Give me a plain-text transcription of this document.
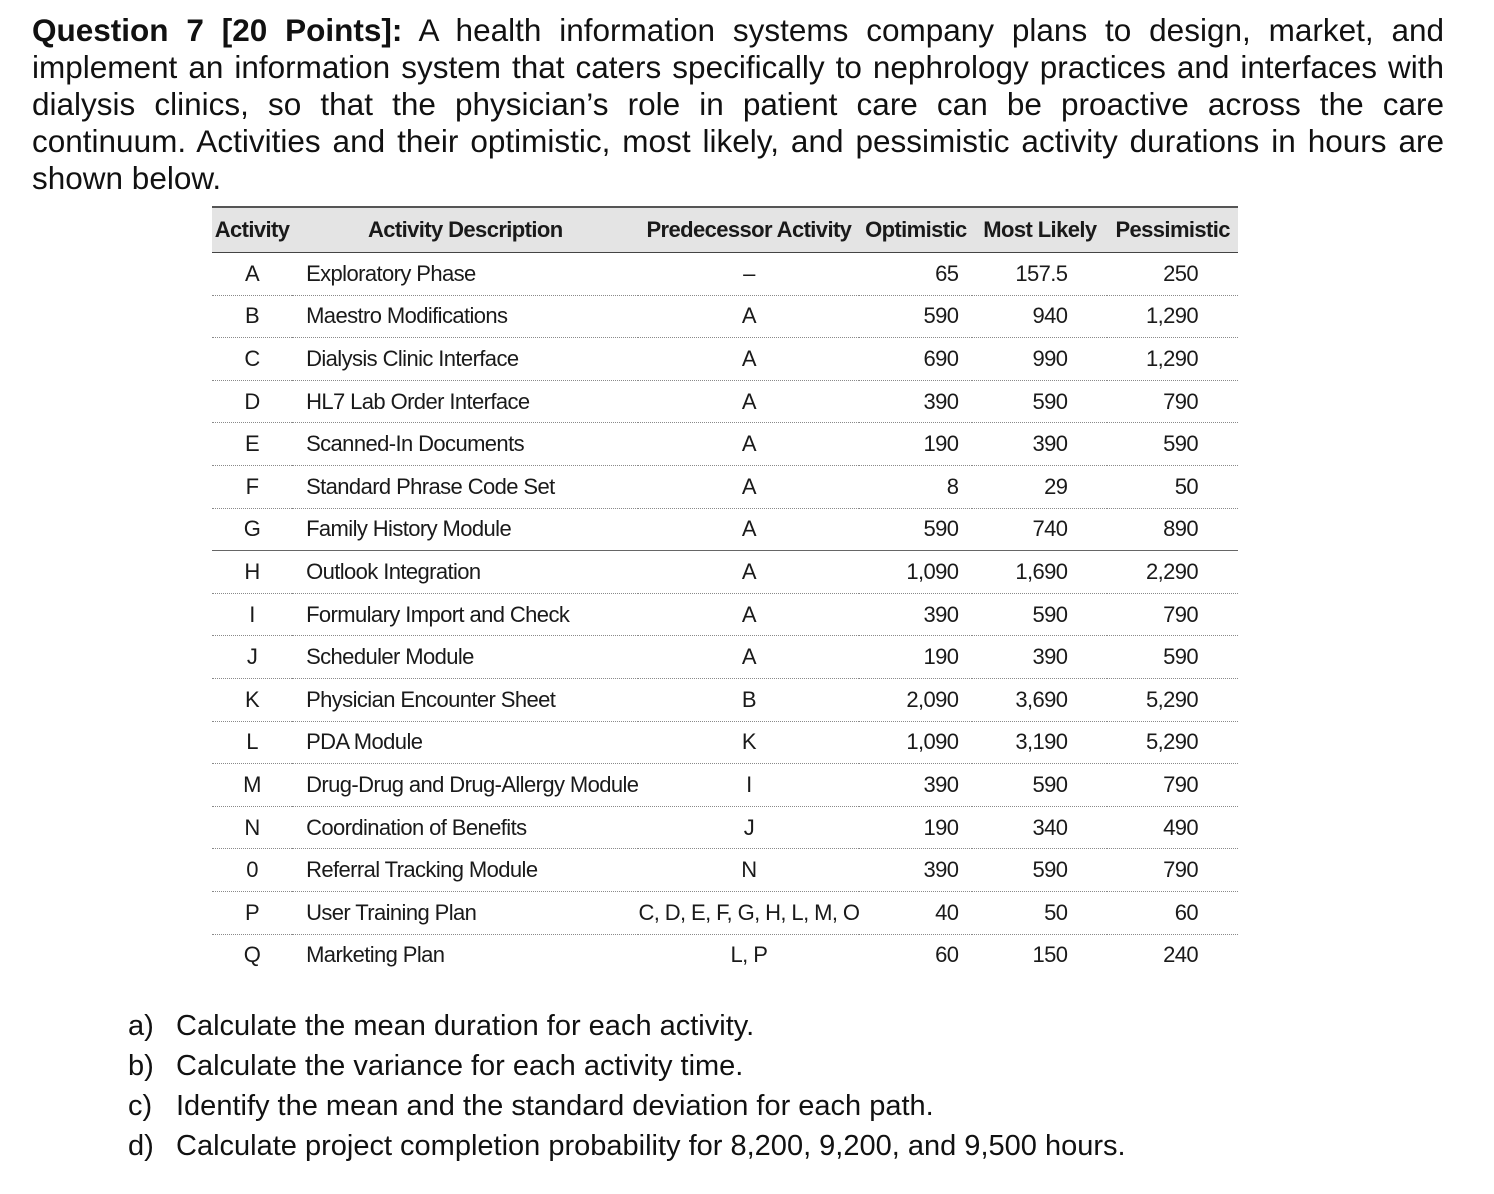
Question 7 [20 Points]: A health information systems company plans to design, market, and implement an information system that caters specifically to nephrology practices and interfaces with dialysis clinics, so that the physician’s role in patient care can be proactive across the care continuum. Activities and their optimistic, most likely, and pessimistic activity durations in hours are shown below.

Activity	Activity Description	Predecessor Activity	Optimistic	Most Likely	Pessimistic
A	Exploratory Phase	–	65	157.5	250
B	Maestro Modifications	A	590	940	1,290
C	Dialysis Clinic Interface	A	690	990	1,290
D	HL7 Lab Order Interface	A	390	590	790
E	Scanned-In Documents	A	190	390	590
F	Standard Phrase Code Set	A	8	29	50
G	Family History Module	A	590	740	890
H	Outlook Integration	A	1,090	1,690	2,290
I	Formulary Import and Check	A	390	590	790
J	Scheduler Module	A	190	390	590
K	Physician Encounter Sheet	B	2,090	3,690	5,290
L	PDA Module	K	1,090	3,190	5,290
M	Drug-Drug and Drug-Allergy Module	I	390	590	790
N	Coordination of Benefits	J	190	340	490
0	Referral Tracking Module	N	390	590	790
P	User Training Plan	C, D, E, F, G, H, L, M, O	40	50	60
Q	Marketing Plan	L, P	60	150	240
a) Calculate the mean duration for each activity.
b) Calculate the variance for each activity time.
c) Identify the mean and the standard deviation for each path.
d) Calculate project completion probability for 8,200, 9,200, and 9,500 hours.
